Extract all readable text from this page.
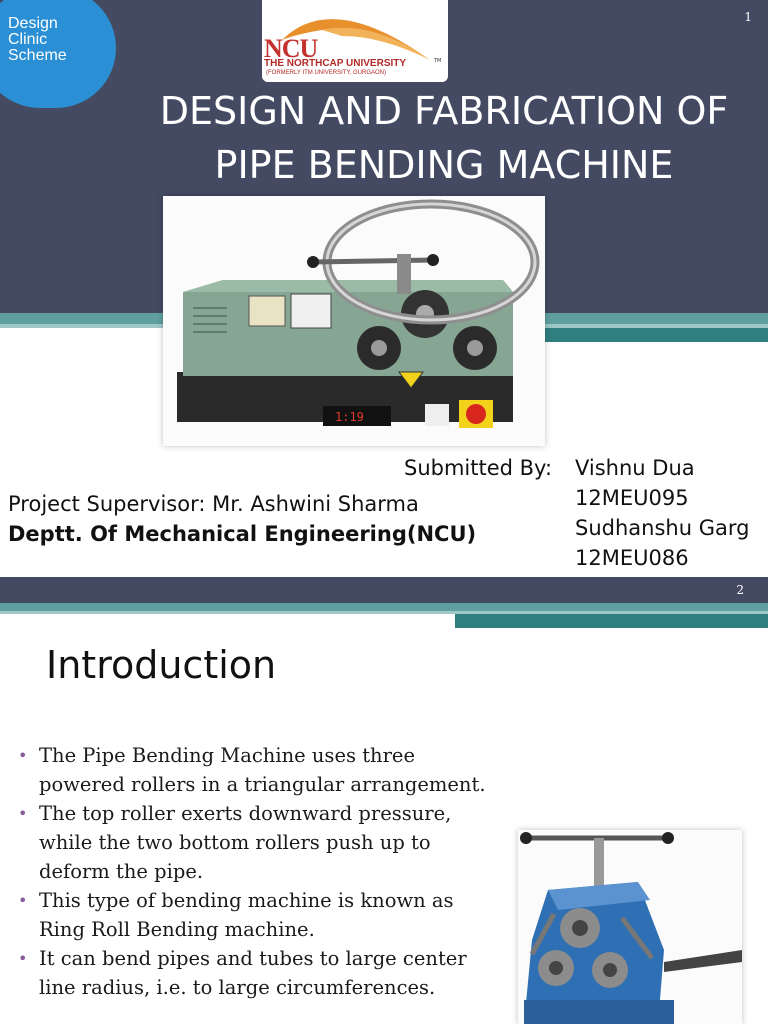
1
Design
Clinic
Scheme	NCU
THE NORTHCAP UNIVERSITY
(FORMERLY ITM UNIVERSITY, GURGAON)
TM
DESIGN AND FABRICATION OF
PIPE BENDING MACHINE
1:19
Submitted By: Vishnu Dua
12MEU095
Sudhanshu Garg
12MEU086
Project Supervisor: Mr. Ashwini Sharma
Deptt. Of Mechanical Engineering(NCU)
2
Introduction
• The Pipe Bending Machine uses three powered rollers in a triangular arrangement.
• The top roller exerts downward pressure, while the two bottom rollers push up to deform the pipe.
• This type of bending machine is known as Ring Roll Bending machine.
• It can bend pipes and tubes to large center line radius, i.e. to large circumferences.
